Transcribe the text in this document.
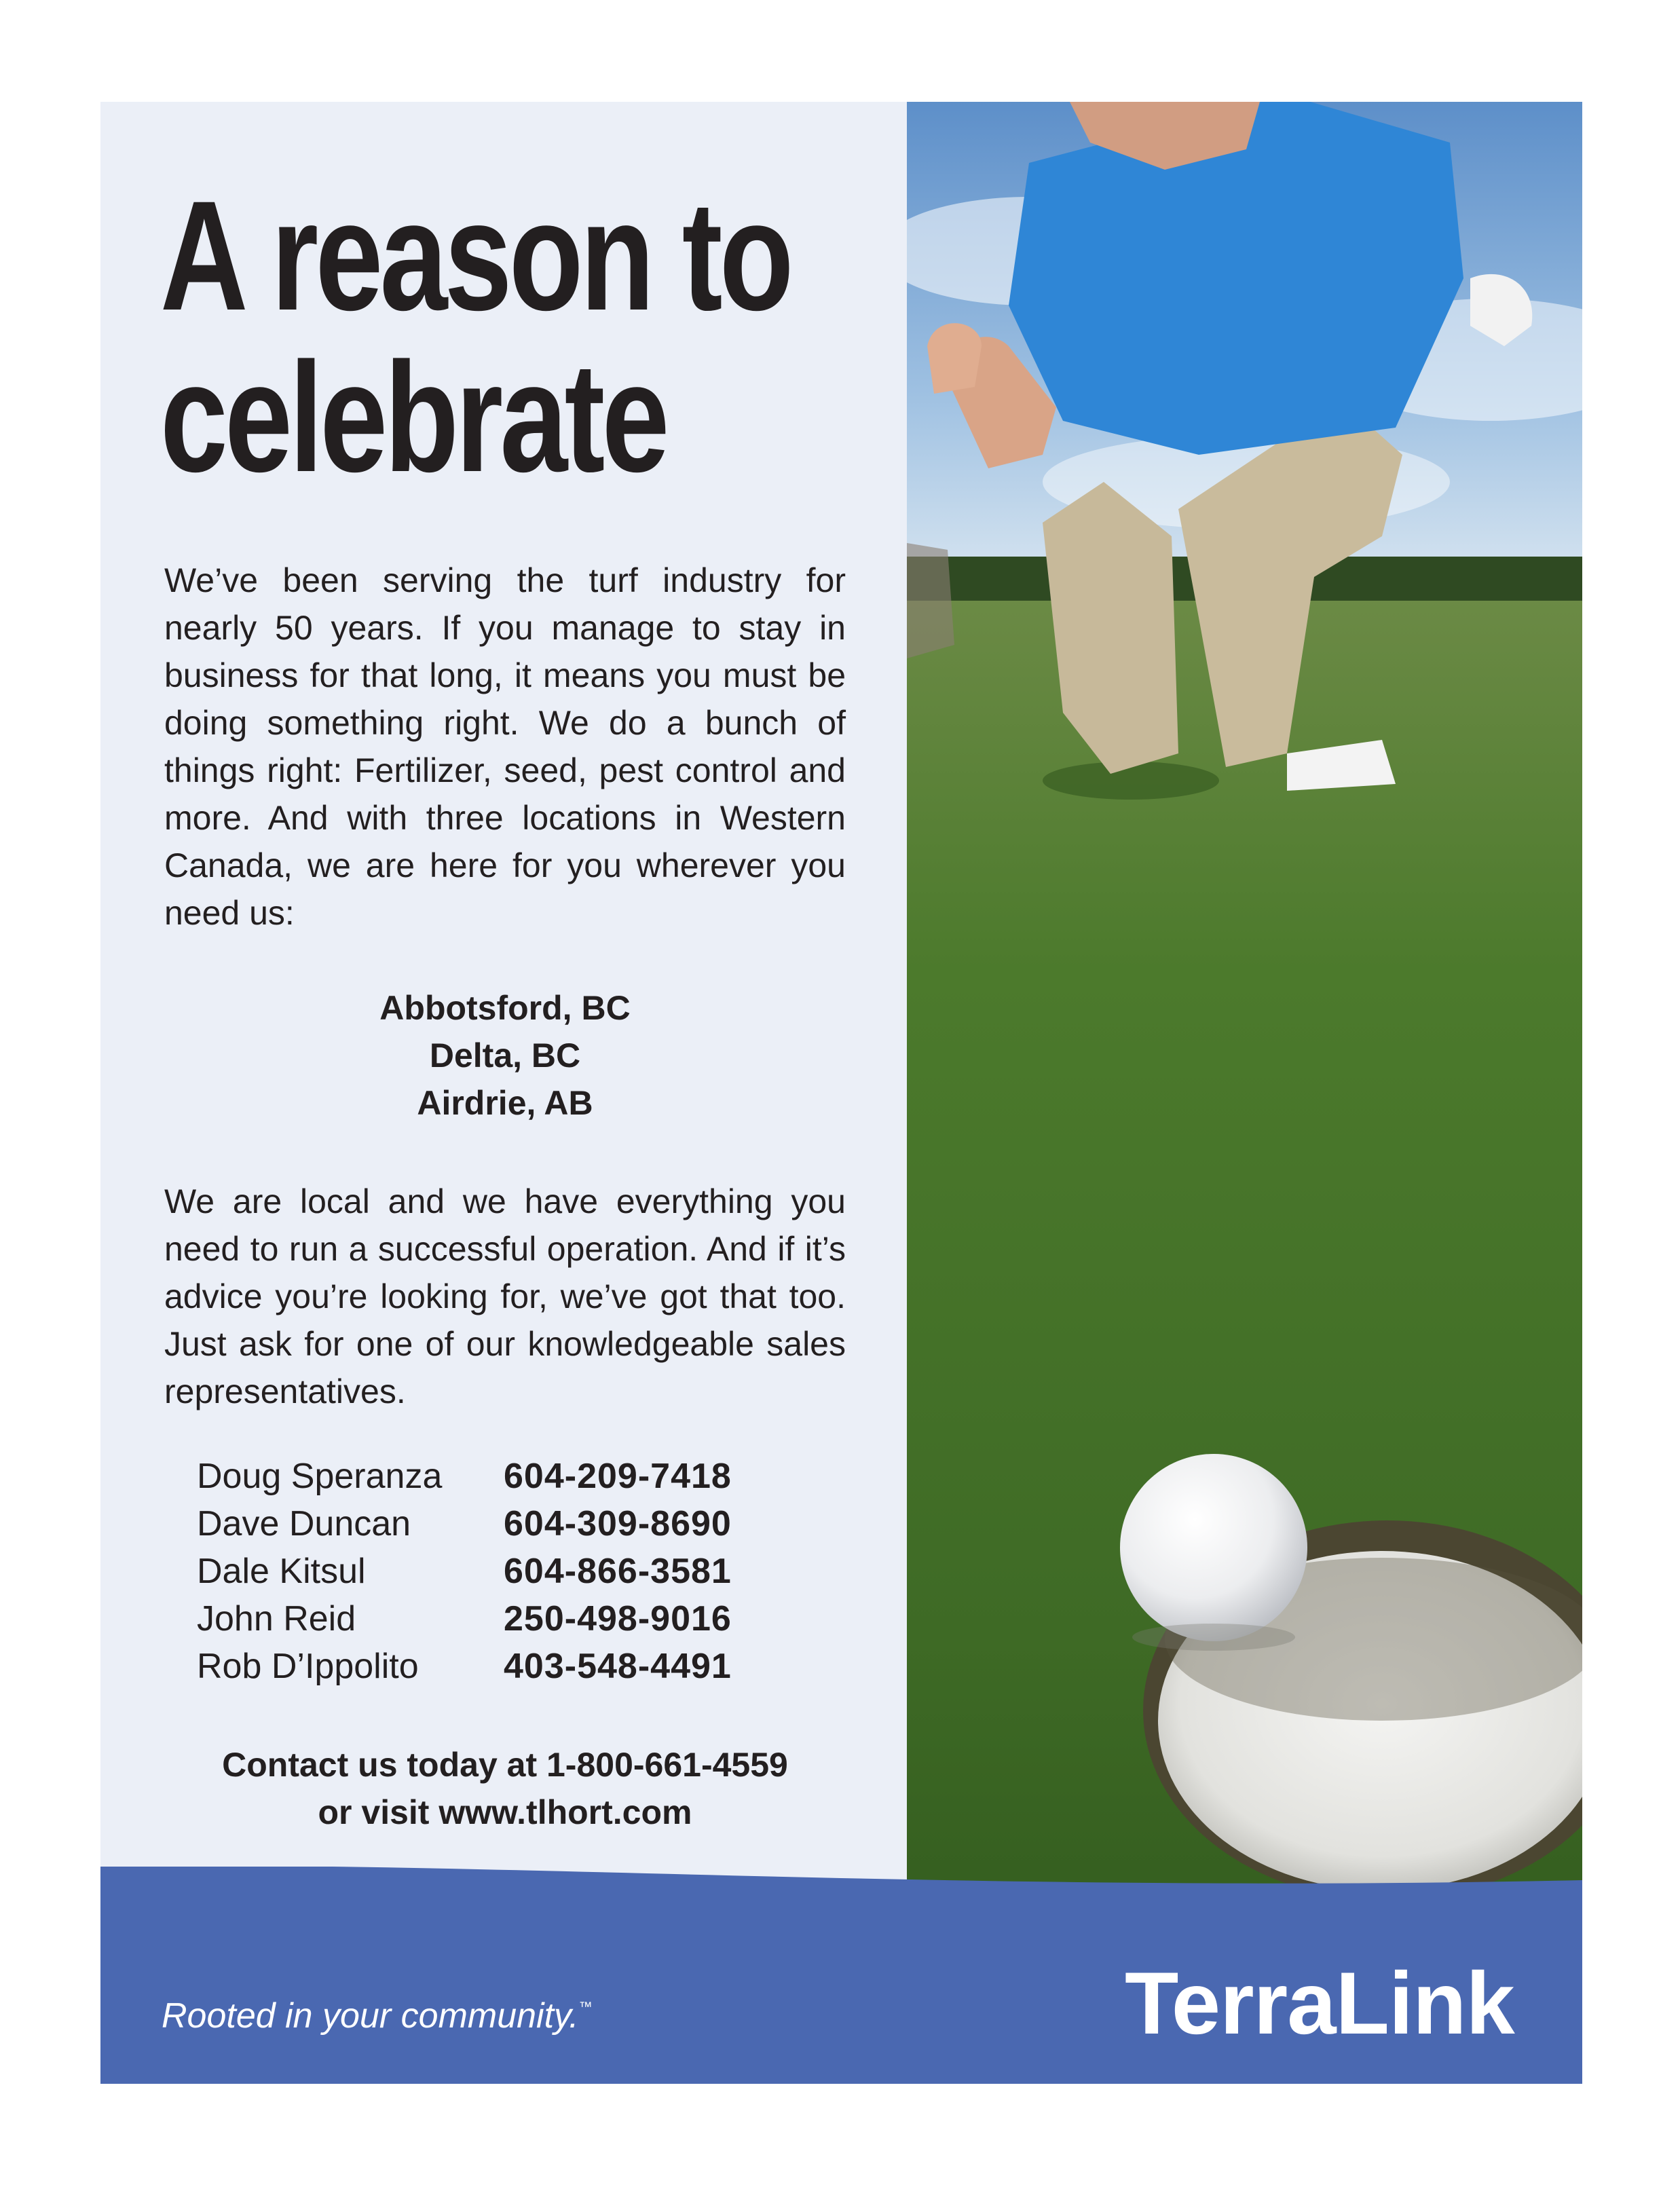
A reason to
celebrate

We’ve been serving the turf industry for nearly 50 years. If you manage to stay in business for that long, it means you must be doing something right. We do a bunch of things right: Fertilizer, seed, pest control and more. And with three locations in Western Canada, we are here for you wherever you need us:

Abbotsford, BC
Delta, BC
Airdrie, AB

We are local and we have everything you need to run a successful operation. And if it’s advice you’re looking for, we’ve got that too. Just ask for one of our knowledgeable sales representatives.

Doug Speranza	604-209-7418
Dave Duncan	604-309-8690
Dale Kitsul	604-866-3581
John Reid	250-498-9016
Rob D’Ippolito	403-548-4491
Contact us today at 1-800-661-4559
or visit www.tlhort.com
Rooted in your community.™	TerraLink
